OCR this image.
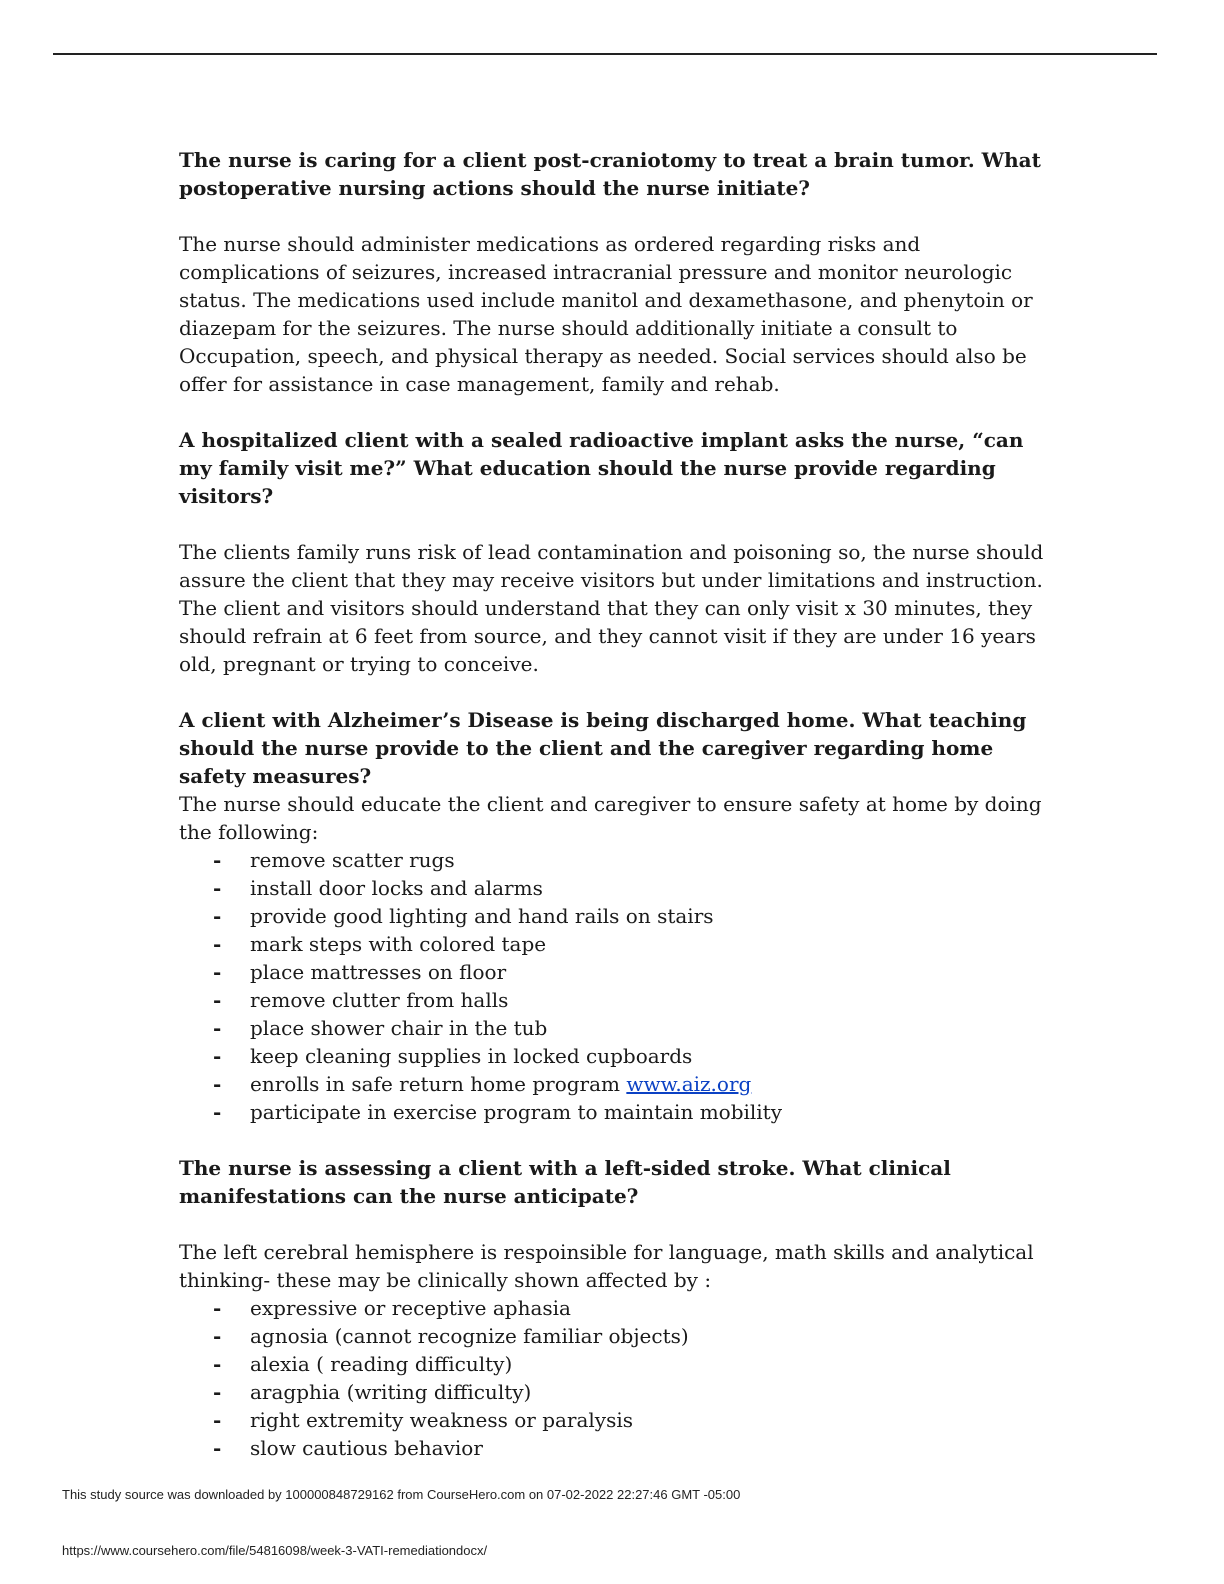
The nurse is caring for a client post-craniotomy to treat a brain tumor. What postoperative nursing actions should the nurse initiate?

The nurse should administer medications as ordered regarding risks and complications of seizures, increased intracranial pressure and monitor neurologic status. The medications used include manitol and dexamethasone, and phenytoin or diazepam for the seizures. The nurse should additionally initiate a consult to Occupation, speech, and physical therapy as needed. Social services should also be offer for assistance in case management, family and rehab.

A hospitalized client with a sealed radioactive implant asks the nurse, “can my family visit me?” What education should the nurse provide regarding visitors?

The clients family runs risk of lead contamination and poisoning so, the nurse should assure the client that they may receive visitors but under limitations and instruction. The client and visitors should understand that they can only visit x 30 minutes, they should refrain at 6 feet from source, and they cannot visit if they are under 16 years old, pregnant or trying to conceive.

A client with Alzheimer’s Disease is being discharged home. What teaching should the nurse provide to the client and the caregiver regarding home safety measures?

The nurse should educate the client and caregiver to ensure safety at home by doing the following:

- remove scatter rugs
- install door locks and alarms
- provide good lighting and hand rails on stairs
- mark steps with colored tape
- place mattresses on floor
- remove clutter from halls
- place shower chair in the tub
- keep cleaning supplies in locked cupboards
- enrolls in safe return home program www.aiz.org
- participate in exercise program to maintain mobility

The nurse is assessing a client with a left-sided stroke. What clinical manifestations can the nurse anticipate?

The left cerebral hemisphere is respoinsible for language, math skills and analytical thinking- these may be clinically shown affected by :

- expressive or receptive aphasia
- agnosia (cannot recognize familiar objects)
- alexia ( reading difficulty)
- aragphia (writing difficulty)
- right extremity weakness or paralysis
- slow cautious behavior
This study source was downloaded by 100000848729162 from CourseHero.com on 07-02-2022 22:27:46 GMT -05:00
https://www.coursehero.com/file/54816098/week-3-VATI-remediationdocx/
